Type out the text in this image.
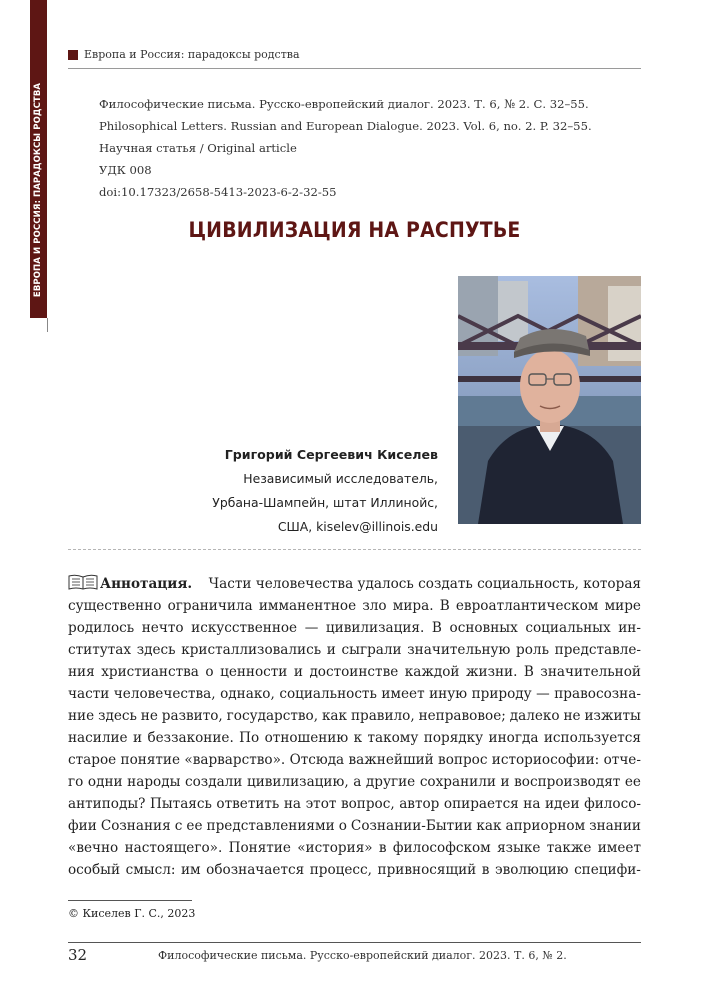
ЕВРОПА И РОССИЯ: ПАРАДОКСЫ РОДСТВА
Европа и Россия: парадоксы родства
Философические письма. Русско-европейский диалог. 2023. Т. 6, № 2. С. 32–55.
Philosophical Letters. Russian and European Dialogue. 2023. Vol. 6, no. 2. P. 32–55.
Научная статья / Original article
УДК 008
doi:10.17323/2658-5413-2023-6-2-32-55
ЦИВИЛИЗАЦИЯ НА РАСПУТЬЕ
Григорий Сергеевич Киселев
Независимый исследователь,
Урбана-Шампейн, штат Иллинойс,
США, kiselev@illinois.edu
Аннотация. Части человечества удалось создать социальность, которая
существенно ограничила имманентное зло мира. В евроатлантическом мире
родилось нечто искусственное — цивилизация. В основных социальных ин-
ститутах здесь кристаллизовались и сыграли значительную роль представле-
ния христианства о ценности и достоинстве каждой жизни. В значительной
части человечества, однако, социальность имеет иную природу — правосозна-
ние здесь не развито, государство, как правило, неправовое; далеко не изжиты
насилие и беззаконие. По отношению к такому порядку иногда используется
старое понятие «варварство». Отсюда важнейший вопрос историософии: отче-
го одни народы создали цивилизацию, а другие сохранили и воспроизводят ее
антиподы? Пытаясь ответить на этот вопрос, автор опирается на идеи филосо-
фии Сознания с ее представлениями о Сознании-Бытии как априорном знании
«вечно настоящего». Понятие «история» в философском языке также имеет
особый смысл: им обозначается процесс, привносящий в эволюцию специфи-
© Киселев Г. С., 2023
32	Философические письма. Русско-европейский диалог. 2023. Т. 6, № 2.
